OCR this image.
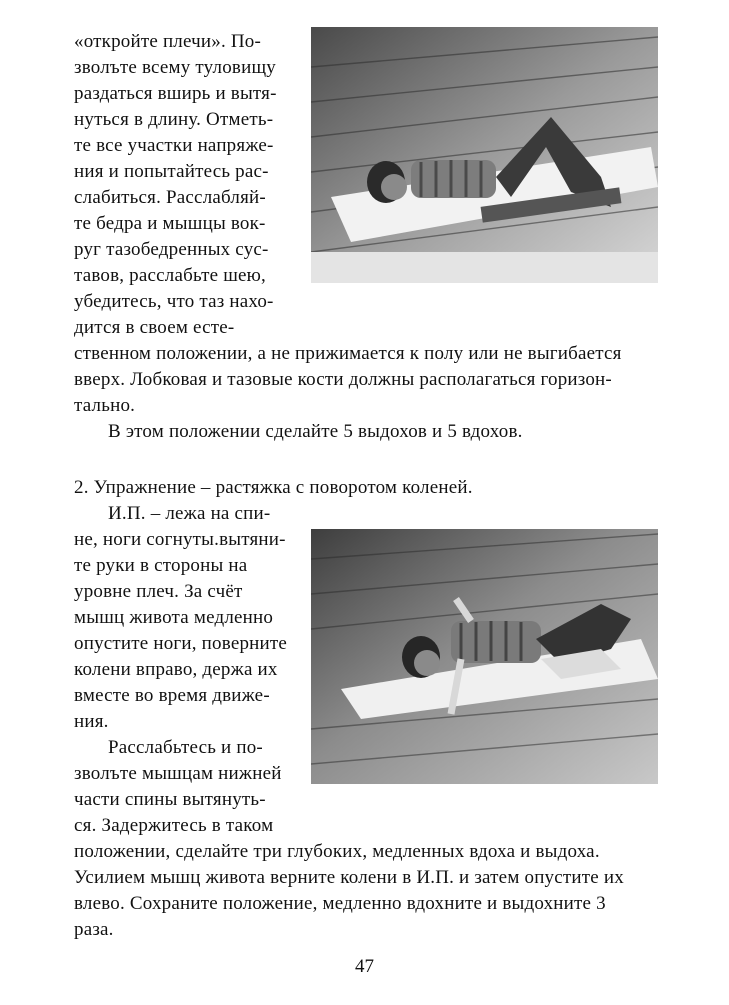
«откройте плечи». По-
зволъте всему туловищу
раздаться вширь и вытя-
нуться в длину. Отметь-
те все участки напряже-
ния и попытайтесь рас-
слабиться. Расслабляй-
те бедра и мышцы вок-
руг тазобедренных сус-
тавов, расслабьте шею,
убедитесь, что таз нахо-
дится в своем есте-
ственном положении, а не прижимается к полу или не выгибается
вверх. Лобковая и тазовые кости должны располагаться горизон-
тально.
В этом положении сделайте 5 выдохов и 5 вдохов.
2. Упражнение – растяжка с поворотом коленей.
И.П. – лежа на спи-
не, ноги согнуты.вытяни-
те руки в стороны на
уровне плеч. За счёт
мышц живота медленно
опустите ноги, поверните
колени вправо, держа их
вместе во время движе-
ния.
Расслабьтесь и по-
зволъте мышцам нижней
части спины вытянуть-
ся. Задержитесь в таком
положении, сделайте три глубоких, медленных вдоха и выдоха.
Усилием мышц живота верните колени в И.П. и затем опустите их
влево. Сохраните положение, медленно вдохните и выдохните 3
раза.
47
